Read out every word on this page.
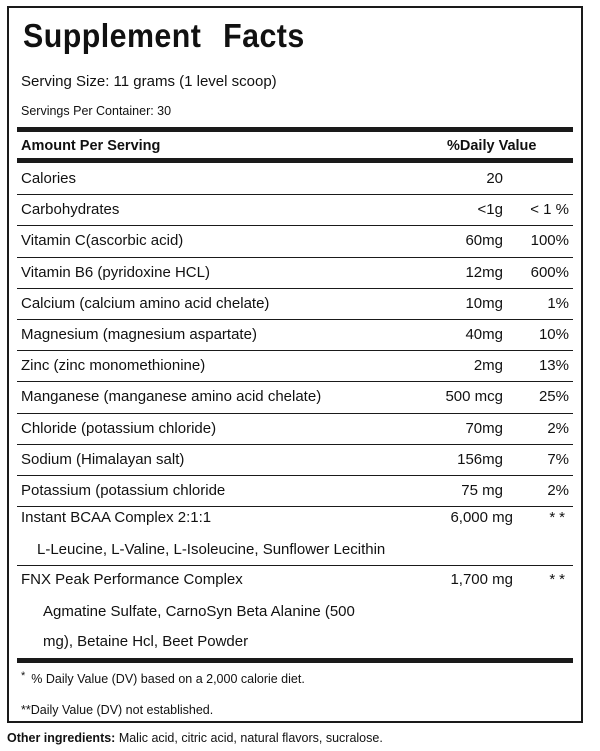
Supplement Facts
Serving Size: 11 grams (1 level scoop)
Servings Per Container: 30
Amount Per Serving	%Daily Value
Calories	20
Carbohydrates	<1g < 1 %
Vitamin C(ascorbic acid)	60mg 100%
Vitamin B6 (pyridoxine HCL)	12mg 600%
Calcium (calcium amino acid chelate)	10mg	1%
Magnesium (magnesium aspartate)	40mg 10%
Zinc (zinc monomethionine)	2mg 13%
Manganese (manganese amino acid chelate)	500 mcg 25%
Chloride (potassium chloride)	70mg	2%
Sodium (Himalayan salt)	156mg	7%
Potassium (potassium chloride	75 mg	2%
Instant BCAA Complex 2:1:1	6,000 mg **
L-Leucine, L-Valine, L-Isoleucine, Sunflower Lecithin
FNX Peak Performance Complex	1,700 mg **
Agmatine Sulfate, CarnoSyn Beta Alanine (500
mg), Betaine Hcl, Beet Powder
* % Daily Value (DV) based on a 2,000 calorie diet.
**Daily Value (DV) not established.
Other ingredients: Malic acid, citric acid, natural flavors, sucralose.
